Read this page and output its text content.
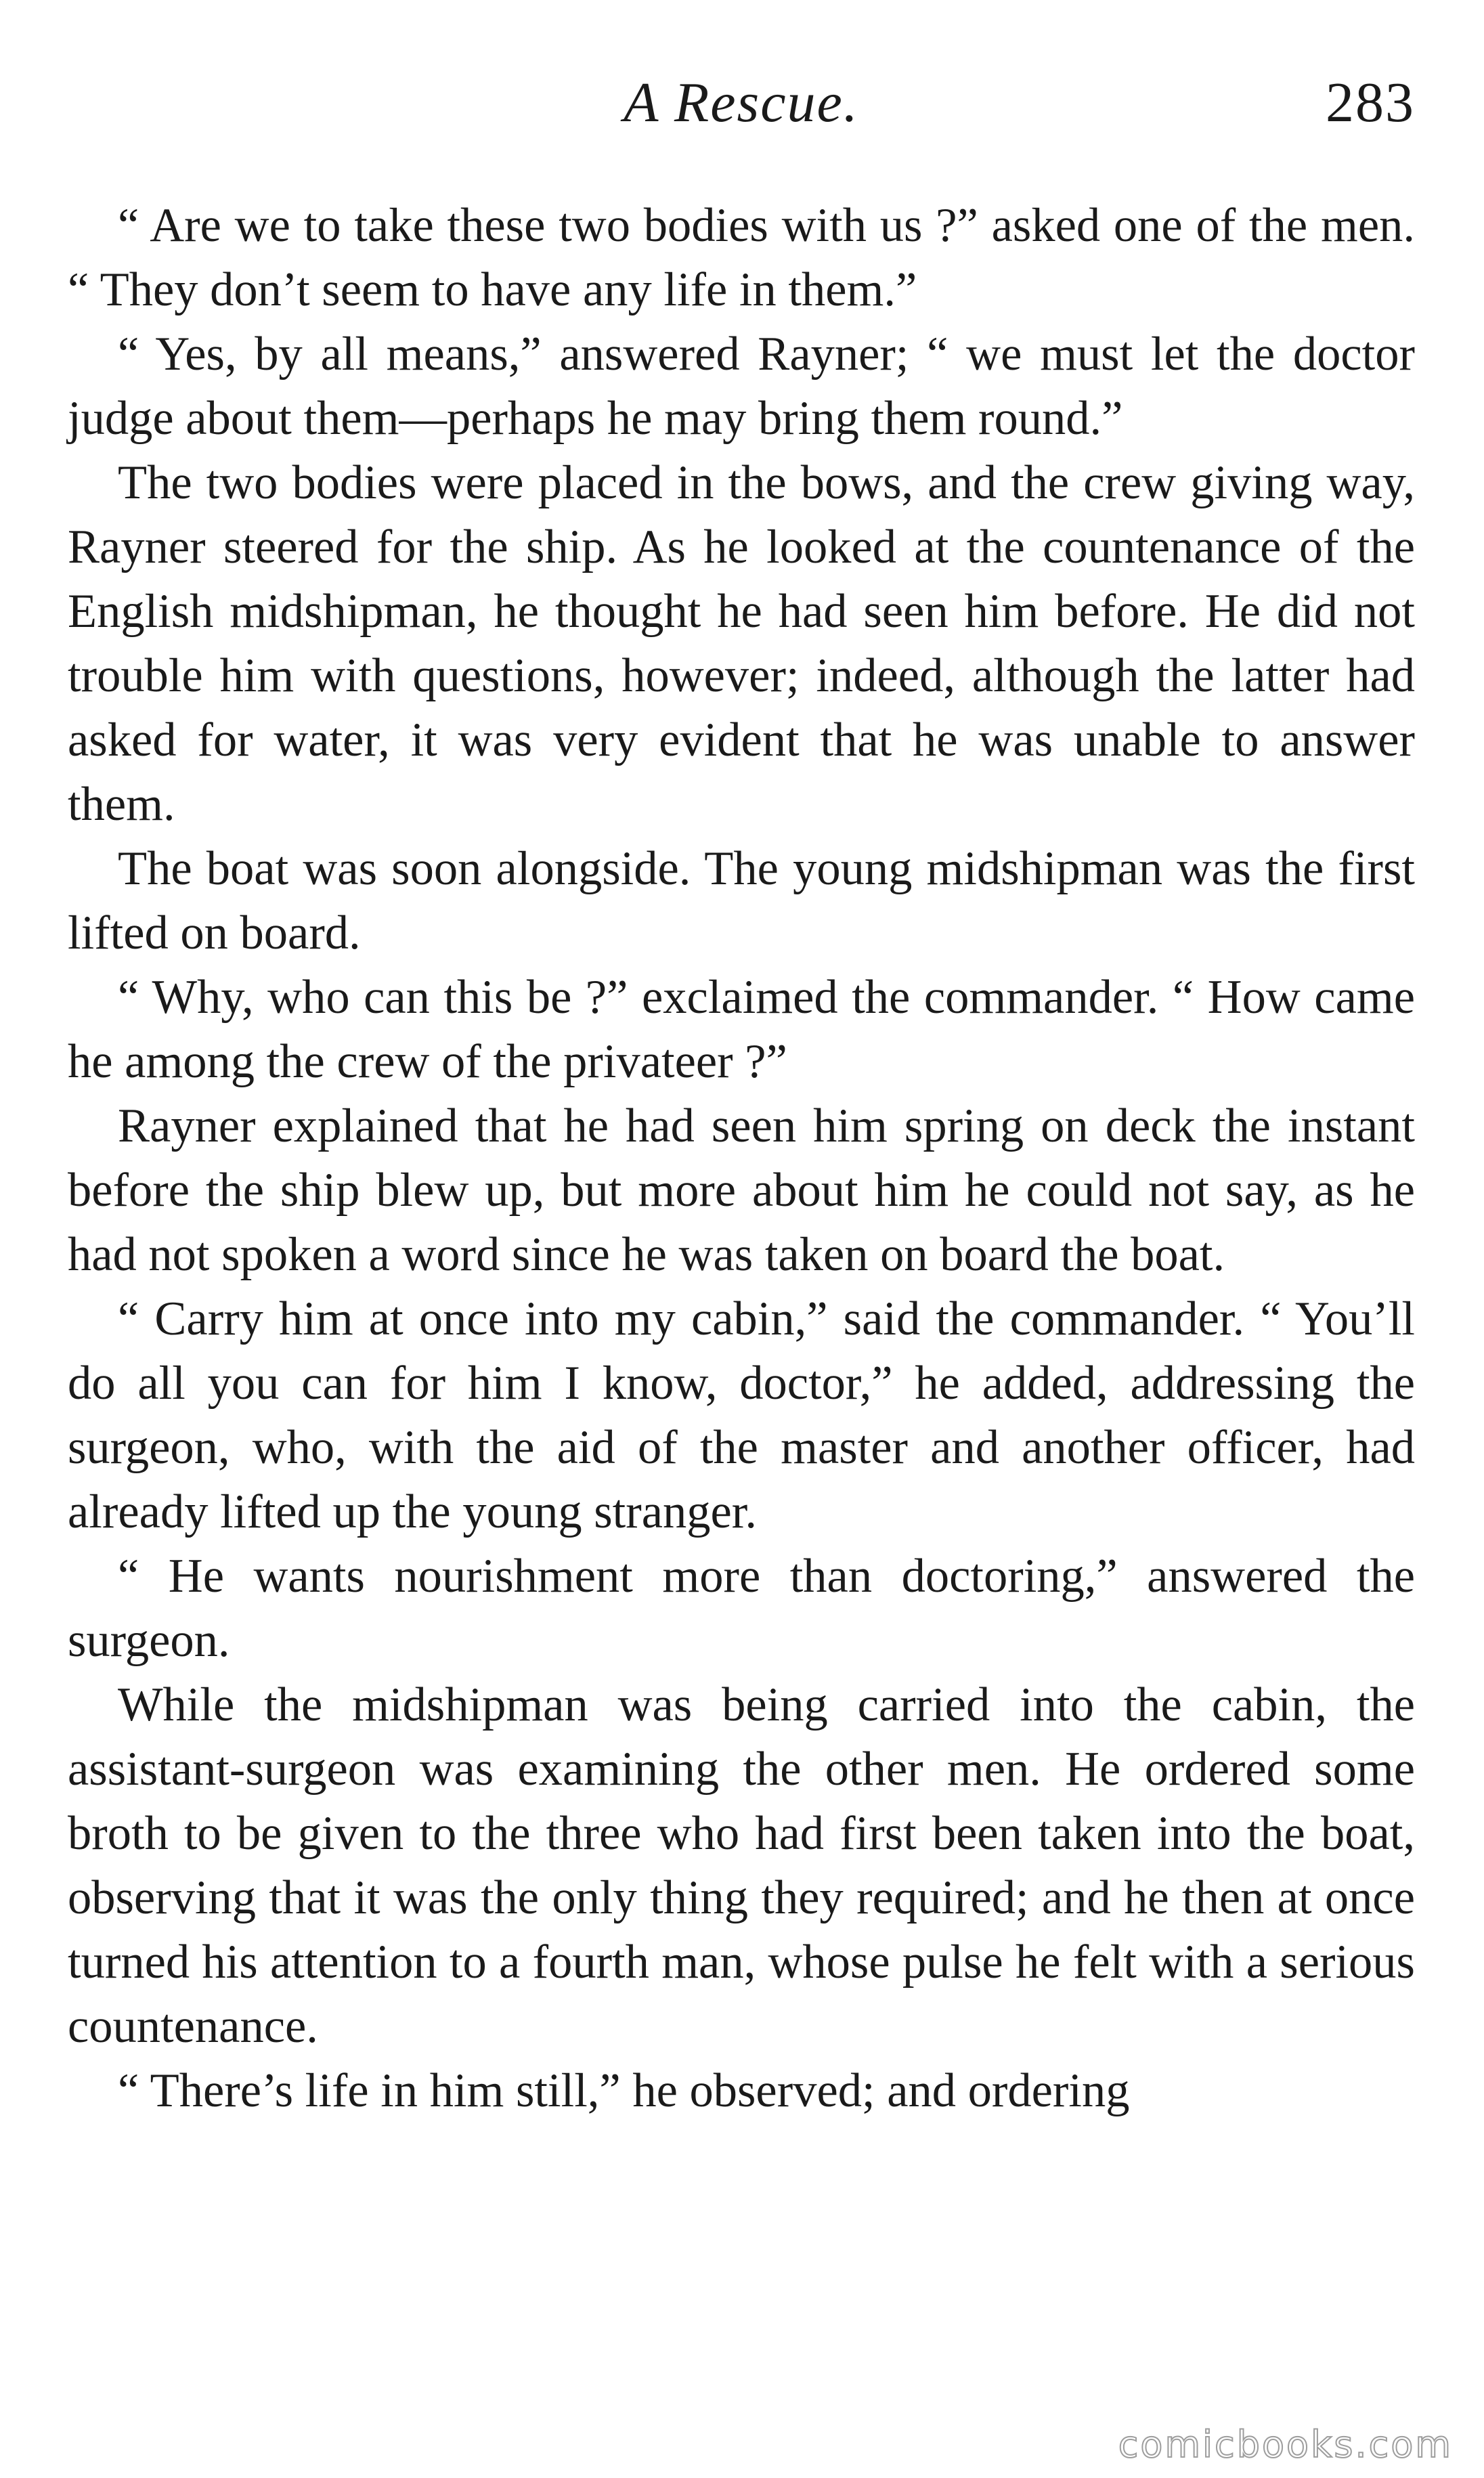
A Rescue.	283

“ Are we to take these two bodies with us ?” asked one of the men. “ They don’t seem to have any life in them.”

“ Yes, by all means,” answered Rayner; “ we must let the doctor judge about them—perhaps he may bring them round.”

The two bodies were placed in the bows, and the crew giving way, Rayner steered for the ship. As he looked at the countenance of the English midshipman, he thought he had seen him before. He did not trouble him with questions, however; indeed, although the latter had asked for water, it was very evident that he was unable to answer them.

The boat was soon alongside. The young midshipman was the first lifted on board.

“ Why, who can this be ?” exclaimed the commander. “ How came he among the crew of the privateer ?”

Rayner explained that he had seen him spring on deck the instant before the ship blew up, but more about him he could not say, as he had not spoken a word since he was taken on board the boat.

“ Carry him at once into my cabin,” said the commander. “ You’ll do all you can for him I know, doctor,” he added, addressing the surgeon, who, with the aid of the master and another officer, had already lifted up the young stranger.

“ He wants nourishment more than doctoring,” answered the surgeon.

While the midshipman was being carried into the cabin, the assistant-surgeon was examining the other men. He ordered some broth to be given to the three who had first been taken into the boat, observing that it was the only thing they required; and he then at once turned his attention to a fourth man, whose pulse he felt with a serious countenance.

“ There’s life in him still,” he observed; and ordering

comicbooks.com
